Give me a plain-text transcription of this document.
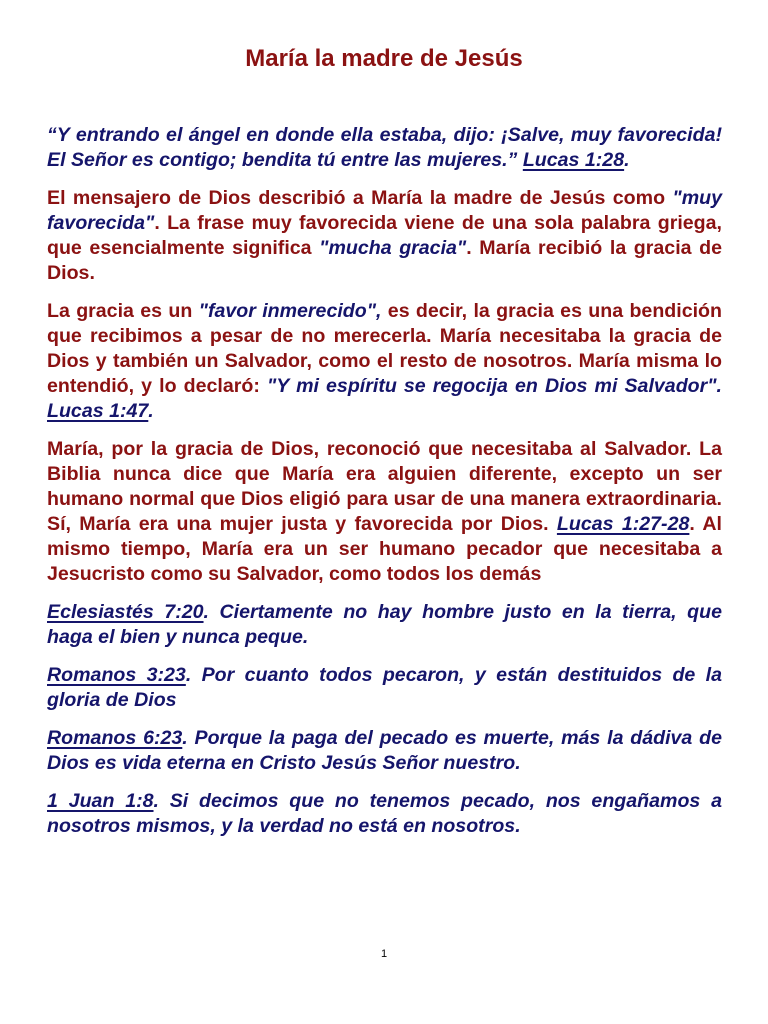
María la madre de Jesús

“Y entrando el ángel en donde ella estaba, dijo: ¡Salve, muy favorecida! El Señor es contigo; bendita tú entre las mujeres.” Lucas 1:28.

El mensajero de Dios describió a María la madre de Jesús como "muy favorecida". La frase muy favorecida viene de una sola palabra griega, que esencialmente significa "mucha gracia". María recibió la gracia de Dios.

La gracia es un "favor inmerecido", es decir, la gracia es una bendición que recibimos a pesar de no merecerla. María necesitaba la gracia de Dios y también un Salvador, como el resto de nosotros. María misma lo entendió, y lo declaró: "Y mi espíritu se regocija en Dios mi Salvador". Lucas 1:47.

María, por la gracia de Dios, reconoció que necesitaba al Salvador. La Biblia nunca dice que María era alguien diferente, excepto un ser humano normal que Dios eligió para usar de una manera extraordinaria. Sí, María era una mujer justa y favorecida por Dios. Lucas 1:27-28. Al mismo tiempo, María era un ser humano pecador que necesitaba a Jesucristo como su Salvador, como todos los demás

Eclesiastés 7:20. Ciertamente no hay hombre justo en la tierra, que haga el bien y nunca peque.

Romanos 3:23. Por cuanto todos pecaron, y están destituidos de la gloria de Dios

Romanos 6:23. Porque la paga del pecado es muerte, más la dádiva de Dios es vida eterna en Cristo Jesús Señor nuestro.

1 Juan 1:8. Si decimos que no tenemos pecado, nos engañamos a nosotros mismos, y la verdad no está en nosotros.

1
